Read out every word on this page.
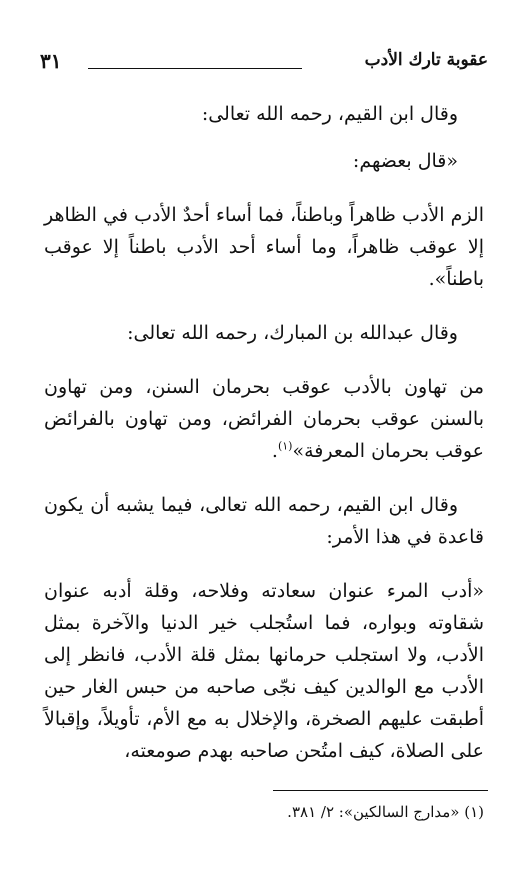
عقوبة تارك الأدب
٣١

وقال ابن القيم، رحمه الله تعالى:

«قال بعضهم:

الزم الأدب ظاهراً وباطناً، فما أساء أحدٌ الأدب في الظاهر إلا عوقب ظاهراً، وما أساء أحد الأدب باطناً إلا عوقب باطناً».

وقال عبدالله بن المبارك، رحمه الله تعالى:

من تهاون بالأدب عوقب بحرمان السنن، ومن تهاون بالسنن عوقب بحرمان الفرائض، ومن تهاون بالفرائض عوقب بحرمان المعرفة»$^{(١)}$.

وقال ابن القيم، رحمه الله تعالى، فيما يشبه أن يكون قاعدة في هذا الأمر:

«أدب المرء عنوان سعادته وفلاحه، وقلة أدبه عنوان شقاوته وبواره، فما استُجلب خير الدنيا والآخرة بمثل الأدب، ولا استجلب حرمانها بمثل قلة الأدب، فانظر إلى الأدب مع الوالدين كيف نجّى صاحبه من حبس الغار حين أطبقت عليهم الصخرة، والإخلال به مع الأم، تأويلاً، وإقبالاً على الصلاة، كيف امتُحن صاحبه بهدم صومعته،

(١) «مدارج السالكين»: ٢/ ٣٨١.
